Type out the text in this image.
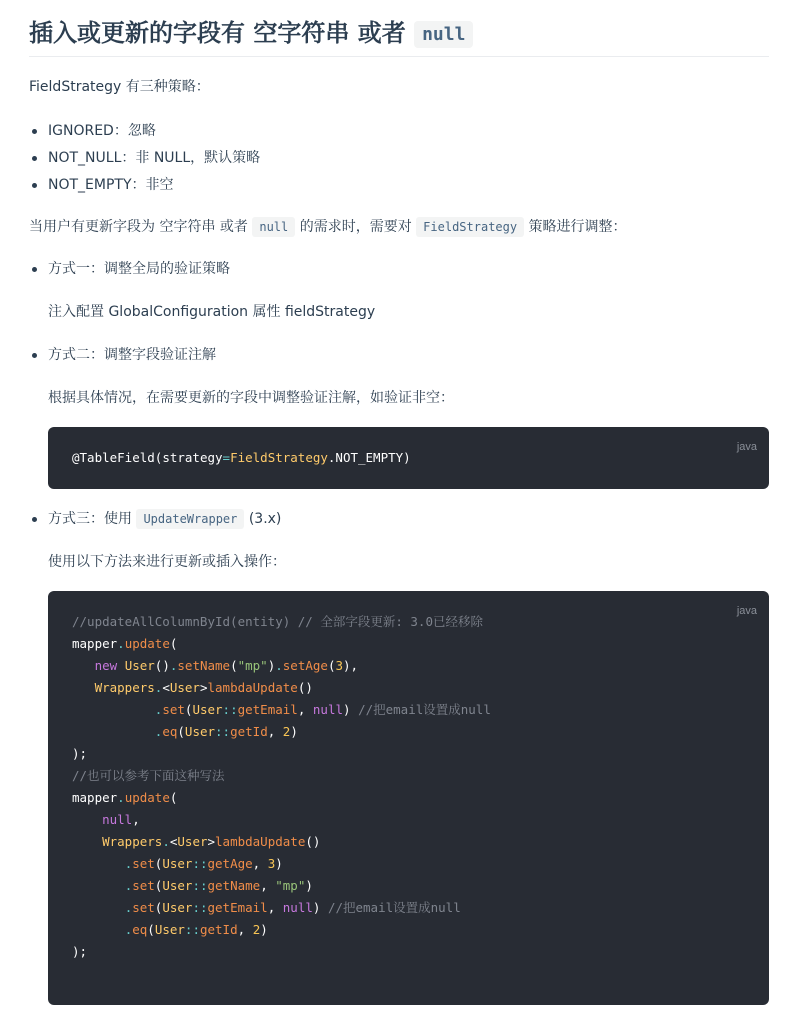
插入或更新的字段有 空字符串 或者 null

FieldStrategy 有三种策略：

IGNORED：忽略
NOT_NULL：非 NULL，默认策略
NOT_EMPTY：非空

当用户有更新字段为 空字符串 或者 null 的需求时，需要对 FieldStrategy 策略进行调整：

方式一：调整全局的验证策略
注入配置 GlobalConfiguration 属性 fieldStrategy
方式二：调整字段验证注解
根据具体情况，在需要更新的字段中调整验证注解，如验证非空：
java
@TableField(strategy=FieldStrategy.NOT_EMPTY)
方式三：使用 UpdateWrapper (3.x)
使用以下方法来进行更新或插入操作：
java
//updateAllColumnById(entity) // 全部字段更新: 3.0已经移除
mapper.update(
new User().setName("mp").setAge(3),
Wrappers.<User>lambdaUpdate()
.set(User::getEmail, null) //把email设置成null
.eq(User::getId, 2)
);
//也可以参考下面这种写法
mapper.update(
null,
Wrappers.<User>lambdaUpdate()
.set(User::getAge, 3)
.set(User::getName, "mp")
.set(User::getEmail, null) //把email设置成null
.eq(User::getId, 2)
);
